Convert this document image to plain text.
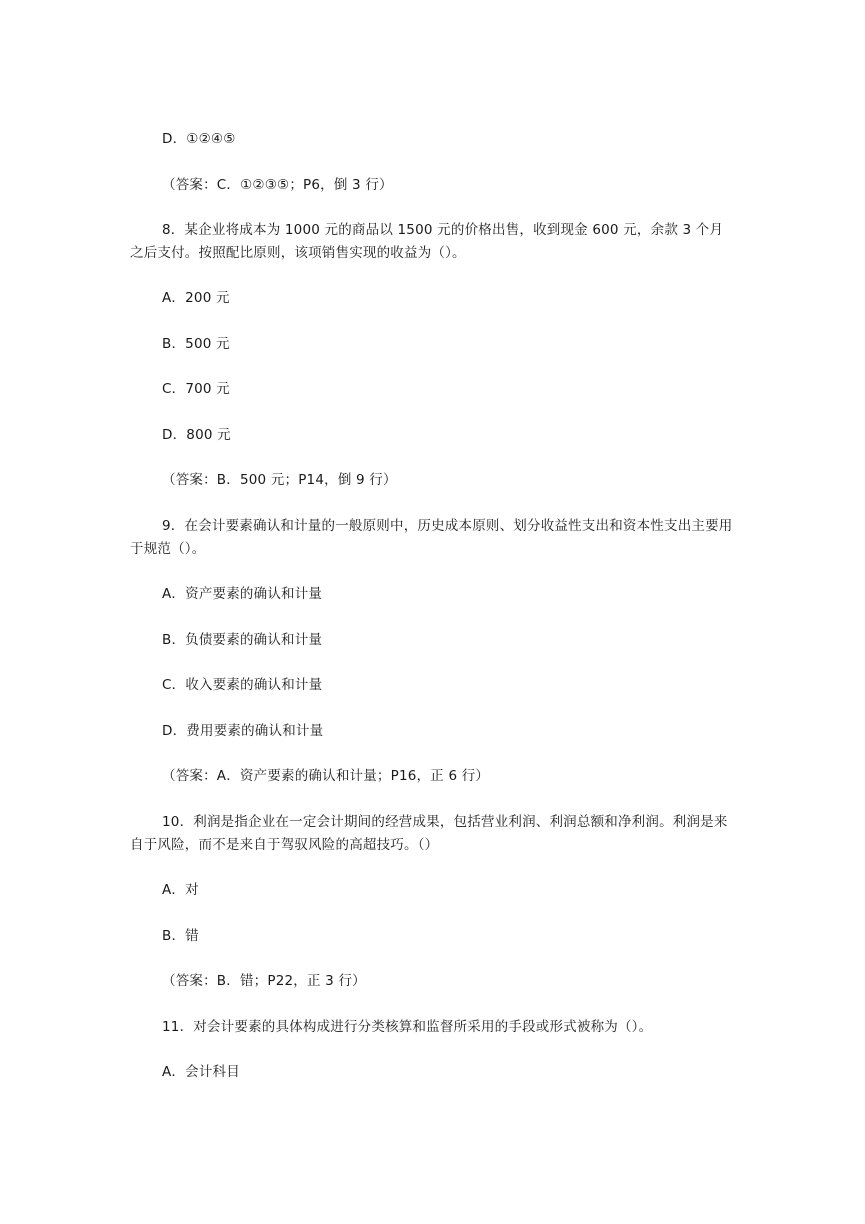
D．①②④⑤
（答案：C．①②③⑤；P6，倒 3 行）
8．某企业将成本为 1000 元的商品以 1500 元的价格出售，收到现金 600 元，余款 3 个月之后支付。按照配比原则，该项销售实现的收益为（）。
A．200 元
B．500 元
C．700 元
D．800 元
（答案：B．500 元；P14，倒 9 行）
9．在会计要素确认和计量的一般原则中，历史成本原则、划分收益性支出和资本性支出主要用于规范（）。
A．资产要素的确认和计量
B．负债要素的确认和计量
C．收入要素的确认和计量
D．费用要素的确认和计量
（答案：A．资产要素的确认和计量；P16，正 6 行）
10．利润是指企业在一定会计期间的经营成果，包括营业利润、利润总额和净利润。利润是来自于风险，而不是来自于驾驭风险的高超技巧。（）
A．对
B．错
（答案：B．错；P22，正 3 行）
11．对会计要素的具体构成进行分类核算和监督所采用的手段或形式被称为（）。
A．会计科目
